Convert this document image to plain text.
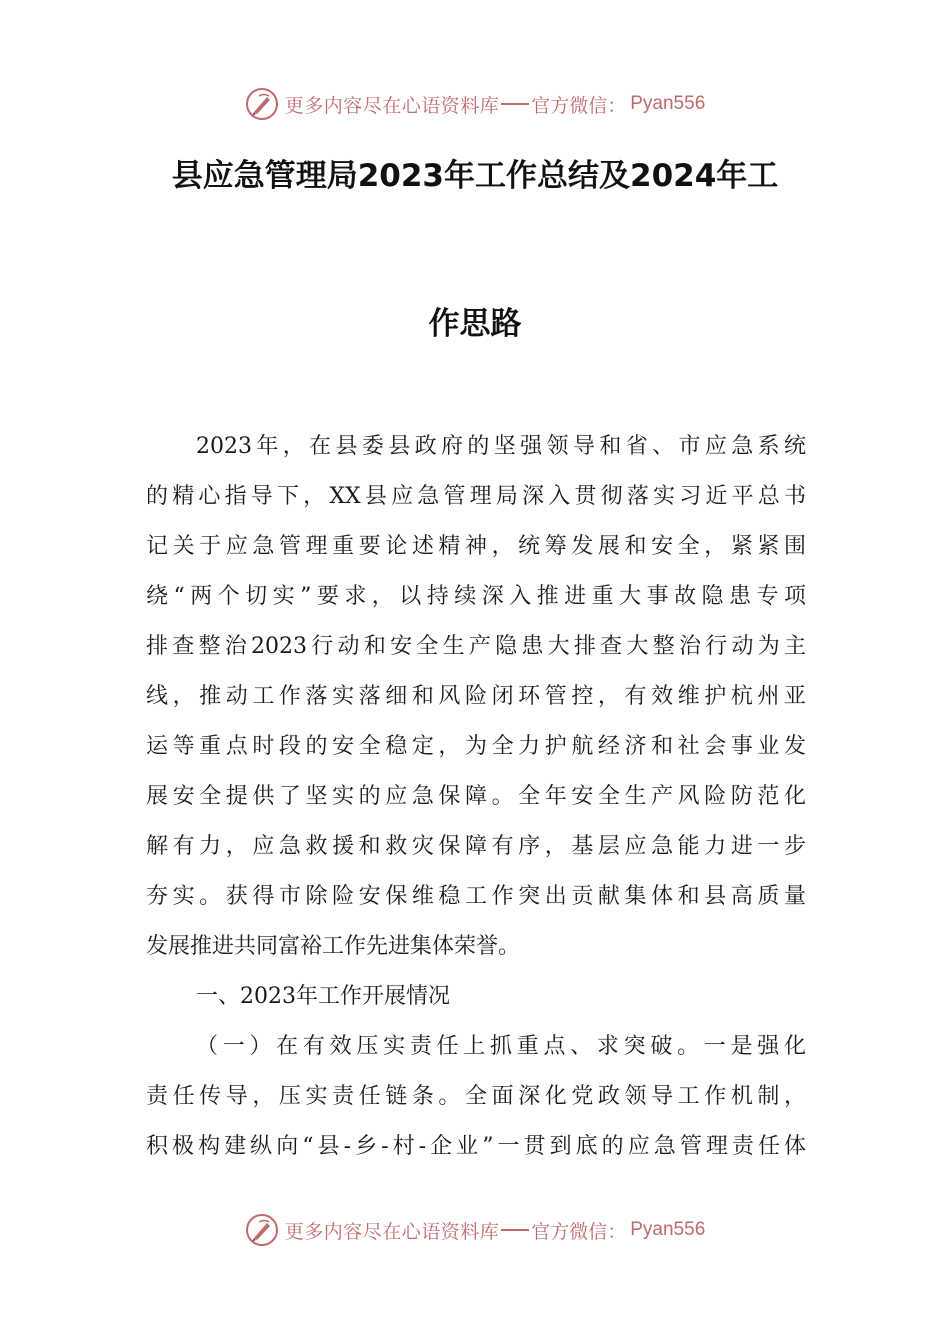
更多内容尽在心语资料库 官方微信： Pyan556
县应急管理局2023年工作总结及2024年工
作思路
2023年，在县委县政府的坚强领导和省、市应急系统
的精心指导下，XX县应急管理局深入贯彻落实习近平总书
记关于应急管理重要论述精神，统筹发展和安全，紧紧围
绕“两个切实”要求，以持续深入推进重大事故隐患专项
排查整治2023行动和安全生产隐患大排查大整治行动为主
线，推动工作落实落细和风险闭环管控，有效维护杭州亚
运等重点时段的安全稳定，为全力护航经济和社会事业发
展安全提供了坚实的应急保障。全年安全生产风险防范化
解有力，应急救援和救灾保障有序，基层应急能力进一步
夯实。获得市除险安保维稳工作突出贡献集体和县高质量
发展推进共同富裕工作先进集体荣誉。
一、2023年工作开展情况
（一）在有效压实责任上抓重点、求突破。一是强化
责任传导，压实责任链条。全面深化党政领导工作机制，
积极构建纵向“县-乡-村-企业”一贯到底的应急管理责任体
更多内容尽在心语资料库 官方微信： Pyan556
